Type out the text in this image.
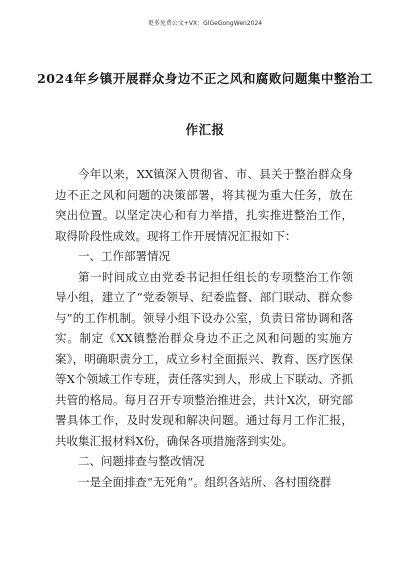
更多免费公文+VX：GlGeGongWen2024
2024年乡镇开展群众身边不正之风和腐败问题集中整治工
作汇报

今年以来，XX镇深入贯彻省、市、县关于整治群众身边不正之风和问题的决策部署，将其视为重大任务，放在突出位置。以坚定决心和有力举措，扎实推进整治工作，取得阶段性成效。现将工作开展情况汇报如下：

一、工作部署情况

第一时间成立由党委书记担任组长的专项整治工作领导小组，建立了“党委领导、纪委监督、部门联动、群众参与”的工作机制。领导小组下设办公室，负责日常协调和落实。制定《XX镇整治群众身边不正之风和问题的实施方案》，明确职责分工，成立乡村全面振兴、教育、医疗医保等X个领域工作专班，责任落实到人，形成上下联动、齐抓共管的格局。每月召开专项整治推进会，共计X次，研究部署具体工作，及时发现和解决问题。通过每月工作汇报，共收集汇报材料X份，确保各项措施落到实处。

二、问题排查与整改情况

一是全面排查“无死角”。组织各站所、各村围绕群
